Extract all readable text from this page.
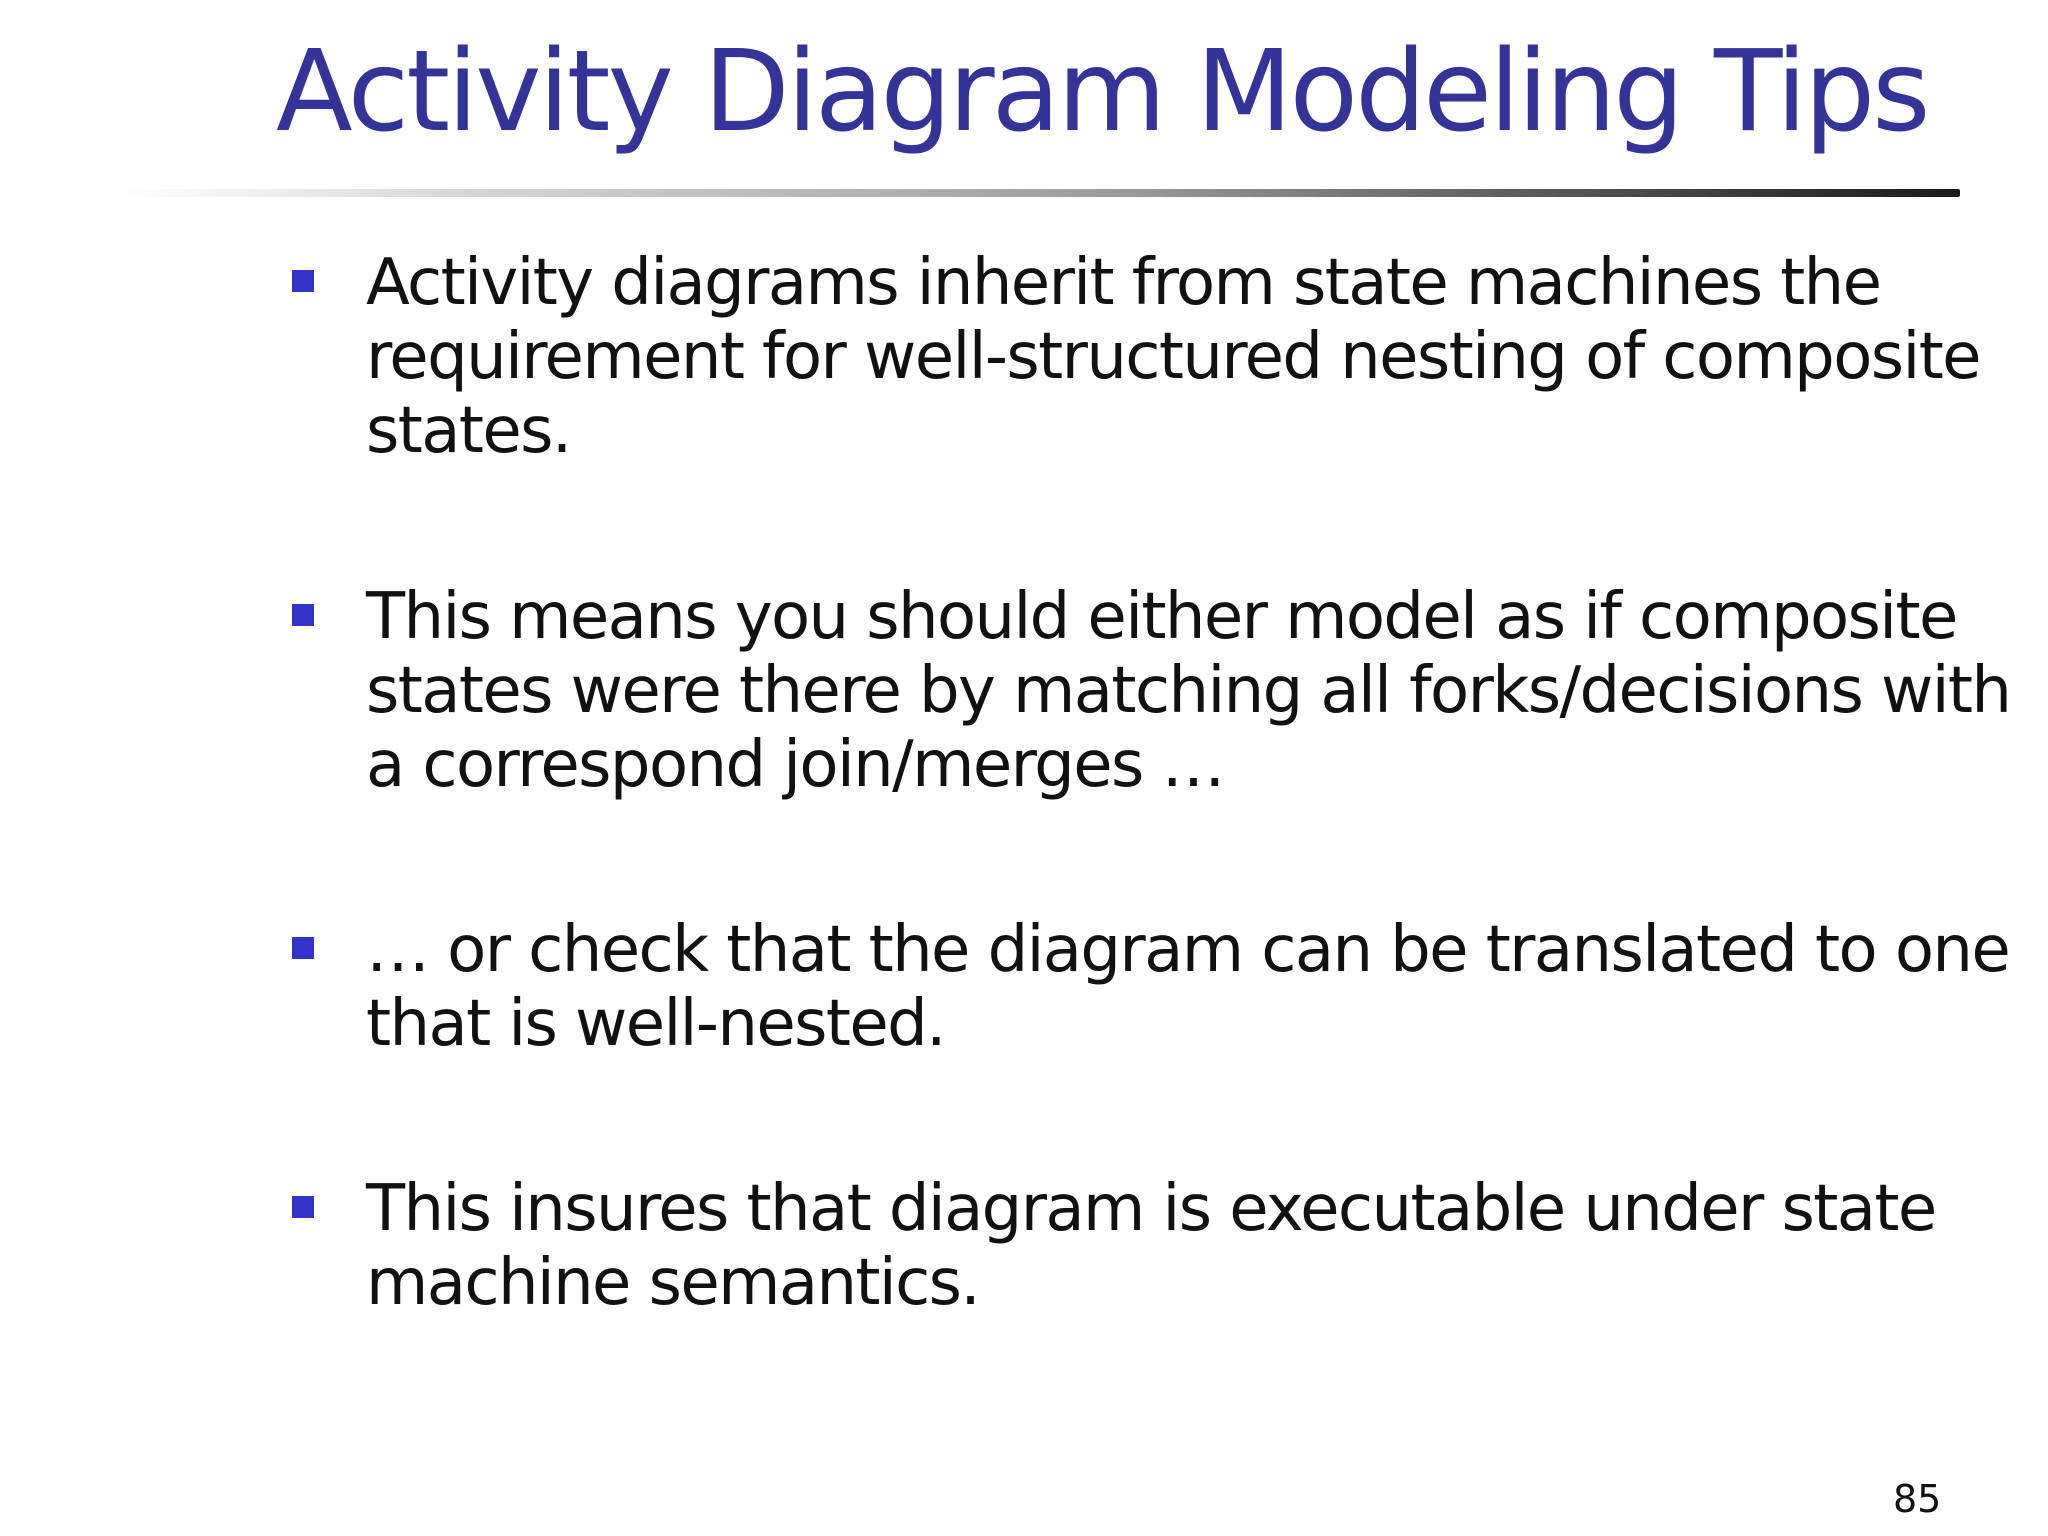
Activity Diagram Modeling Tips
Activity diagrams inherit from state machines the requirement for well-structured nesting of composite states.
This means you should either model as if composite states were there by matching all forks/decisions with a correspond join/merges …
… or check that the diagram can be translated to one that is well-nested.
This insures that diagram is executable under state machine semantics.
85
